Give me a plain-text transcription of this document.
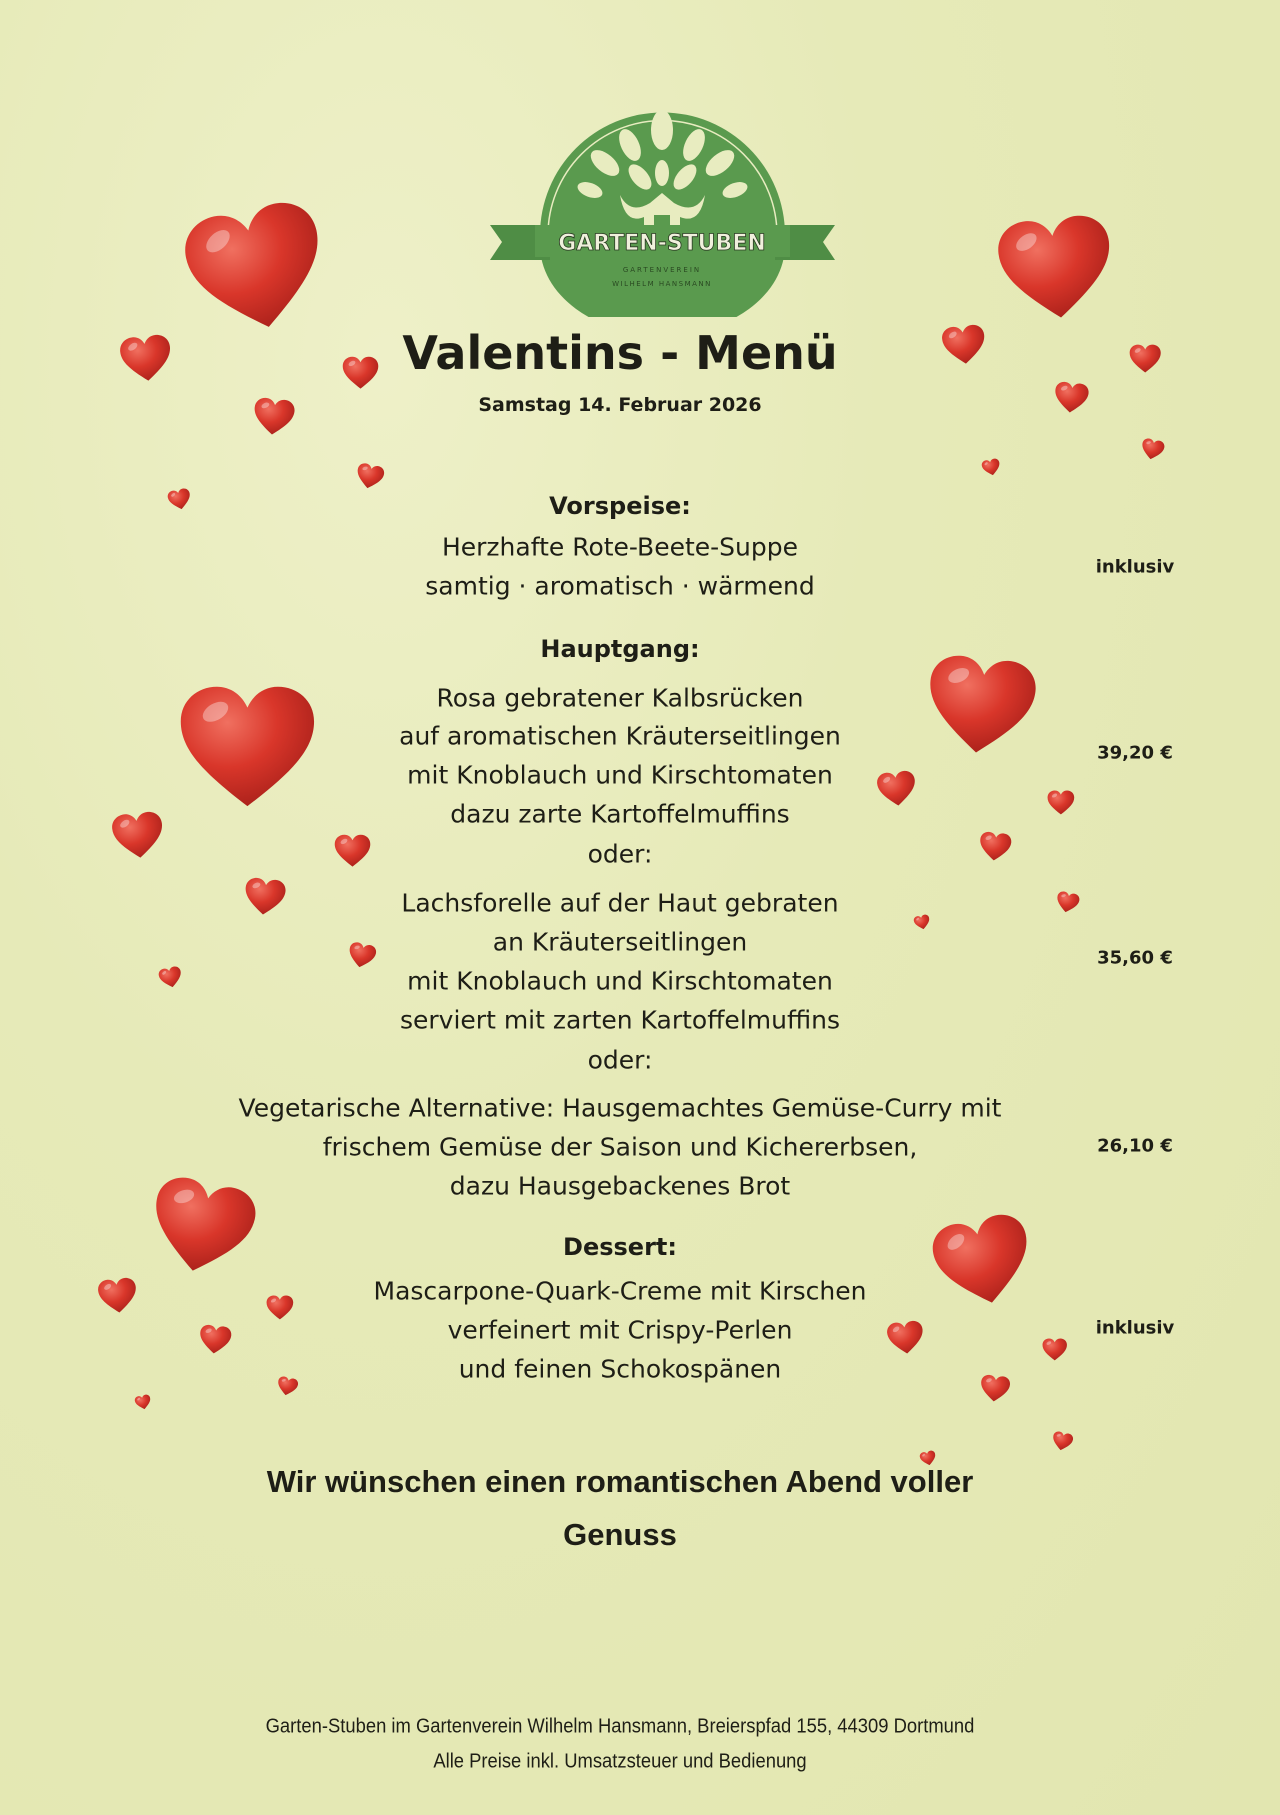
GARTEN-STUBEN
GARTENVEREIN
WILHELM HANSMANN
Valentins - Menü
Samstag 14. Februar 2026
Vorspeise:
Herzhafte Rote-Beete-Suppe
samtig · aromatisch · wärmend
inklusiv
Hauptgang:
Rosa gebratener Kalbsrücken
auf aromatischen Kräuterseitlingen
mit Knoblauch und Kirschtomaten
dazu zarte Kartoffelmuffins
39,20 €
oder:
Lachsforelle auf der Haut gebraten
an Kräuterseitlingen
mit Knoblauch und Kirschtomaten
serviert mit zarten Kartoffelmuffins
35,60 €
oder:
Vegetarische Alternative: Hausgemachtes Gemüse-Curry mit
frischem Gemüse der Saison und Kichererbsen,
dazu Hausgebackenes Brot
26,10 €
Dessert:
Mascarpone-Quark-Creme mit Kirschen
verfeinert mit Crispy-Perlen
und feinen Schokospänen
inklusiv
Wir wünschen einen romantischen Abend voller
Genuss
Garten-Stuben im Gartenverein Wilhelm Hansmann, Breierspfad 155, 44309 Dortmund
Alle Preise inkl. Umsatzsteuer und Bedienung
